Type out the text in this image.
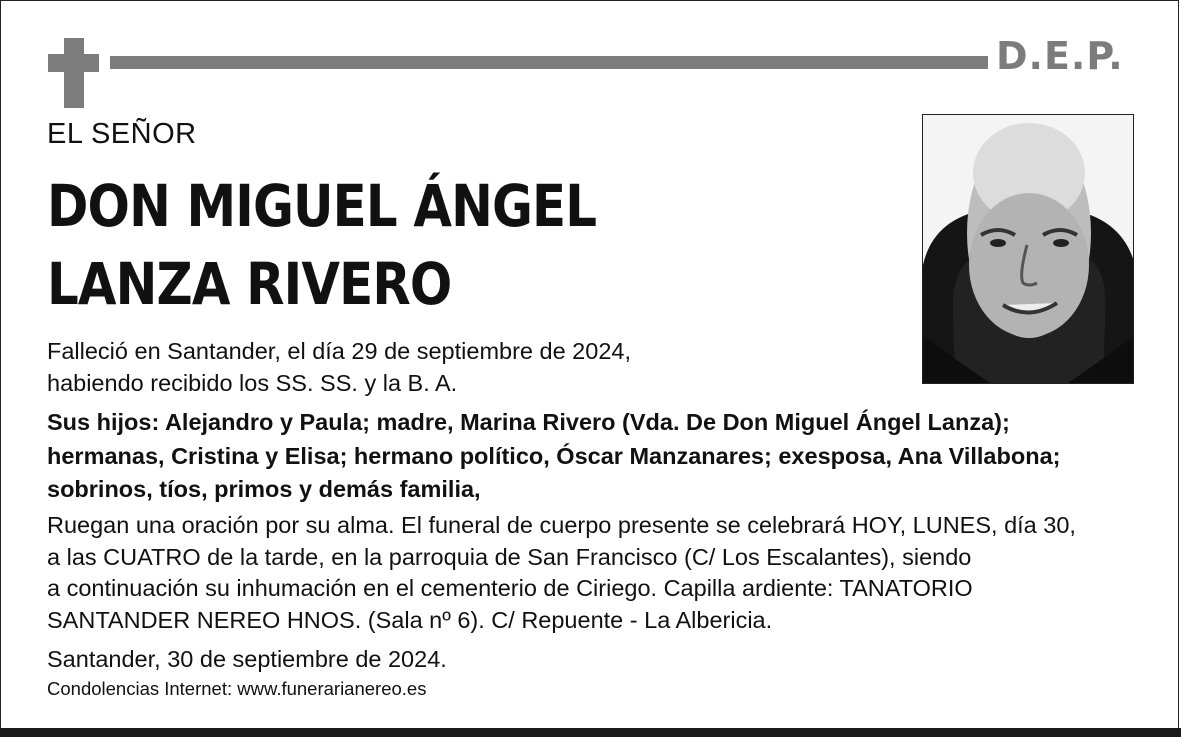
D.E.P.
EL SEÑOR
DON MIGUEL ÁNGEL
LANZA RIVERO
Falleció en Santander, el día 29 de septiembre de 2024,
habiendo recibido los SS. SS. y la B. A.
Sus hijos: Alejandro y Paula; madre, Marina Rivero (Vda. De Don Miguel Ángel Lanza);
hermanas, Cristina y Elisa; hermano político, Óscar Manzanares; exesposa, Ana Villabona;
sobrinos, tíos, primos y demás familia,
Ruegan una oración por su alma. El funeral de cuerpo presente se celebrará HOY, LUNES, día 30,
a las CUATRO de la tarde, en la parroquia de San Francisco (C/ Los Escalantes), siendo
a continuación su inhumación en el cementerio de Ciriego. Capilla ardiente: TANATORIO
SANTANDER NEREO HNOS. (Sala nº 6). C/ Repuente - La Albericia.
Santander, 30 de septiembre de 2024.
Condolencias Internet: www.funerarianereo.es
